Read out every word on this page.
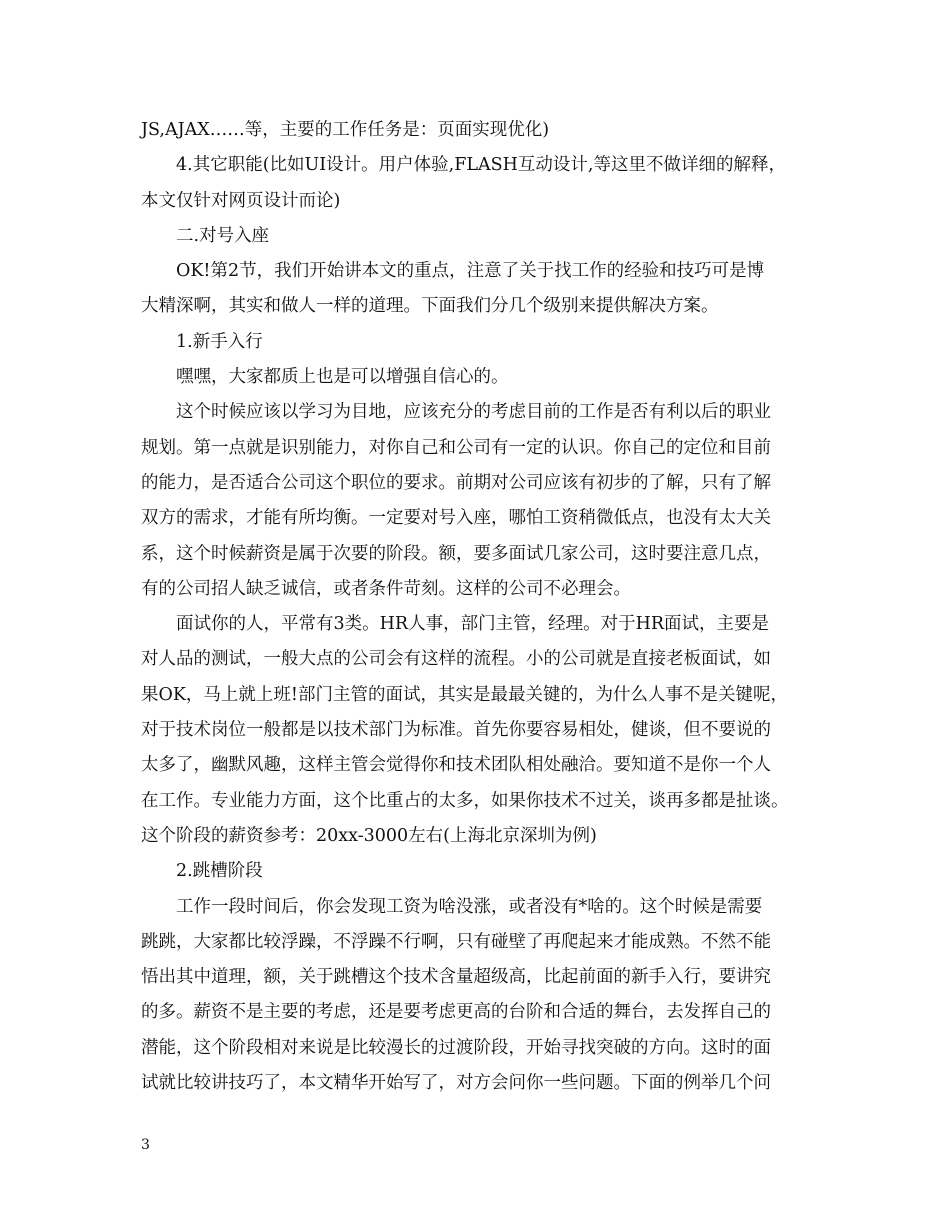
JS,AJAX……等，主要的工作任务是：页面实现优化)
4.其它职能(比如UI设计。用户体验,FLASH互动设计,等这里不做详细的解释，
本文仅针对网页设计而论)
二.对号入座
OK!第2节，我们开始讲本文的重点，注意了关于找工作的经验和技巧可是博
大精深啊，其实和做人一样的道理。下面我们分几个级别来提供解决方案。
1.新手入行
嘿嘿，大家都质上也是可以增强自信心的。
这个时候应该以学习为目地，应该充分的考虑目前的工作是否有利以后的职业
规划。第一点就是识别能力，对你自己和公司有一定的认识。你自己的定位和目前
的能力，是否适合公司这个职位的要求。前期对公司应该有初步的了解，只有了解
双方的需求，才能有所均衡。一定要对号入座，哪怕工资稍微低点，也没有太大关
系，这个时候薪资是属于次要的阶段。额，要多面试几家公司，这时要注意几点，
有的公司招人缺乏诚信，或者条件苛刻。这样的公司不必理会。
面试你的人，平常有3类。HR人事，部门主管，经理。对于HR面试，主要是
对人品的测试，一般大点的公司会有这样的流程。小的公司就是直接老板面试，如
果OK，马上就上班!部门主管的面试，其实是最最关键的，为什么人事不是关键呢，
对于技术岗位一般都是以技术部门为标准。首先你要容易相处，健谈，但不要说的
太多了，幽默风趣，这样主管会觉得你和技术团队相处融洽。要知道不是你一个人
在工作。专业能力方面，这个比重占的太多，如果你技术不过关，谈再多都是扯谈。
这个阶段的薪资参考：20xx-3000左右(上海北京深圳为例)
2.跳槽阶段
工作一段时间后，你会发现工资为啥没涨，或者没有*啥的。这个时候是需要
跳跳，大家都比较浮躁，不浮躁不行啊，只有碰壁了再爬起来才能成熟。不然不能
悟出其中道理，额，关于跳槽这个技术含量超级高，比起前面的新手入行，要讲究
的多。薪资不是主要的考虑，还是要考虑更高的台阶和合适的舞台，去发挥自己的
潜能，这个阶段相对来说是比较漫长的过渡阶段，开始寻找突破的方向。这时的面
试就比较讲技巧了，本文精华开始写了，对方会问你一些问题。下面的例举几个问
3
